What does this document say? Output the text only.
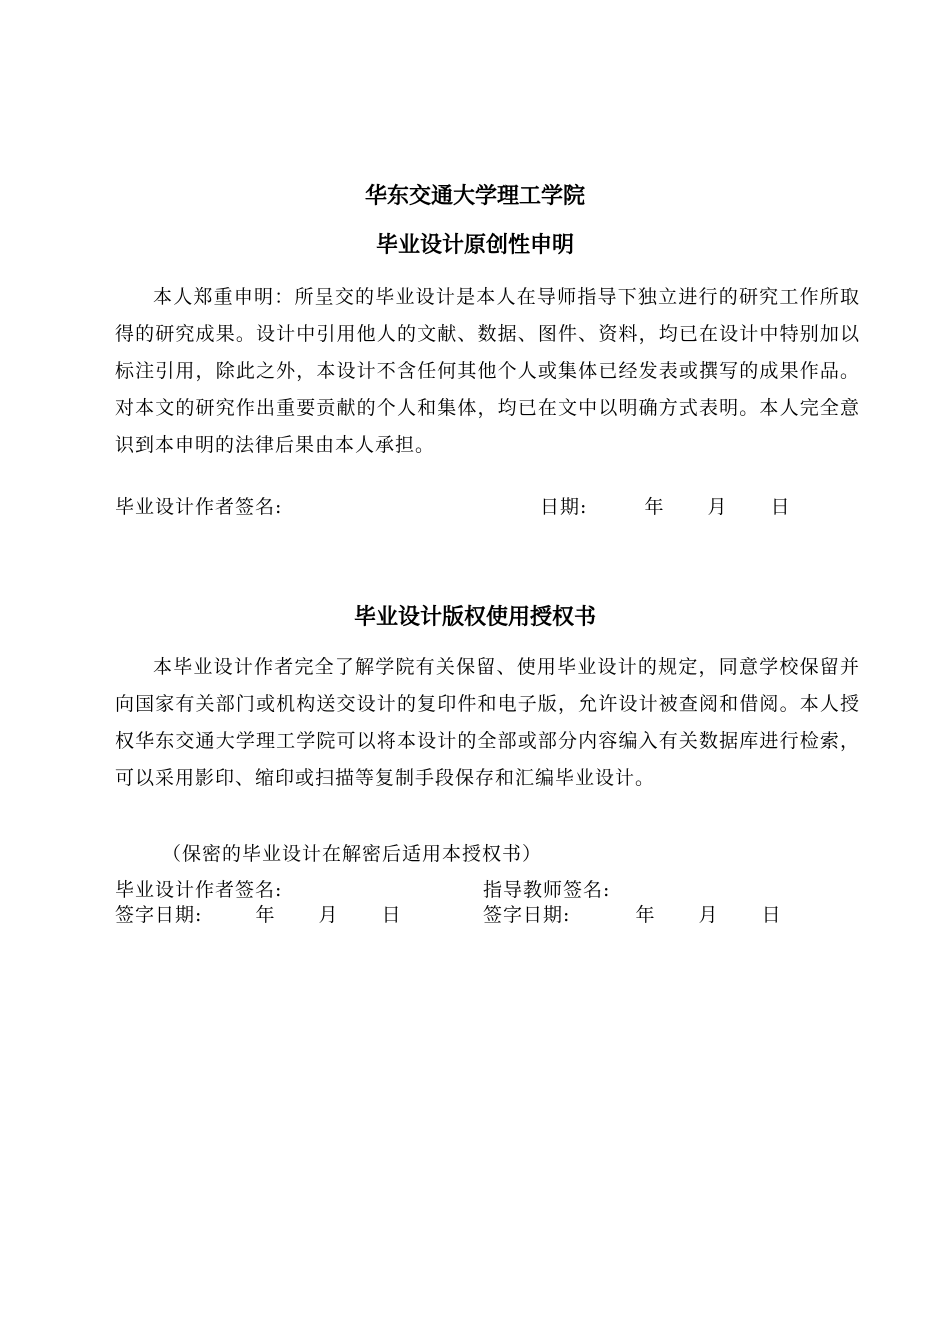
华东交通大学理工学院
毕业设计原创性申明
本人郑重申明：所呈交的毕业设计是本人在导师指导下独立进行的研究工作所取得的研究成果。设计中引用他人的文献、数据、图件、资料，均已在设计中特别加以标注引用，除此之外，本设计不含任何其他个人或集体已经发表或撰写的成果作品。对本文的研究作出重要贡献的个人和集体，均已在文中以明确方式表明。本人完全意识到本申明的法律后果由本人承担。
毕业设计作者签名:	日期:	年 月 日
毕业设计版权使用授权书
本毕业设计作者完全了解学院有关保留、使用毕业设计的规定，同意学校保留并向国家有关部门或机构送交设计的复印件和电子版，允许设计被查阅和借阅。本人授权华东交通大学理工学院可以将本设计的全部或部分内容编入有关数据库进行检索，可以采用影印、缩印或扫描等复制手段保存和汇编毕业设计。
（保密的毕业设计在解密后适用本授权书）
毕业设计作者签名:	指导教师签名:
签字日期:	年 月 日	签字日期:	年 月 日
